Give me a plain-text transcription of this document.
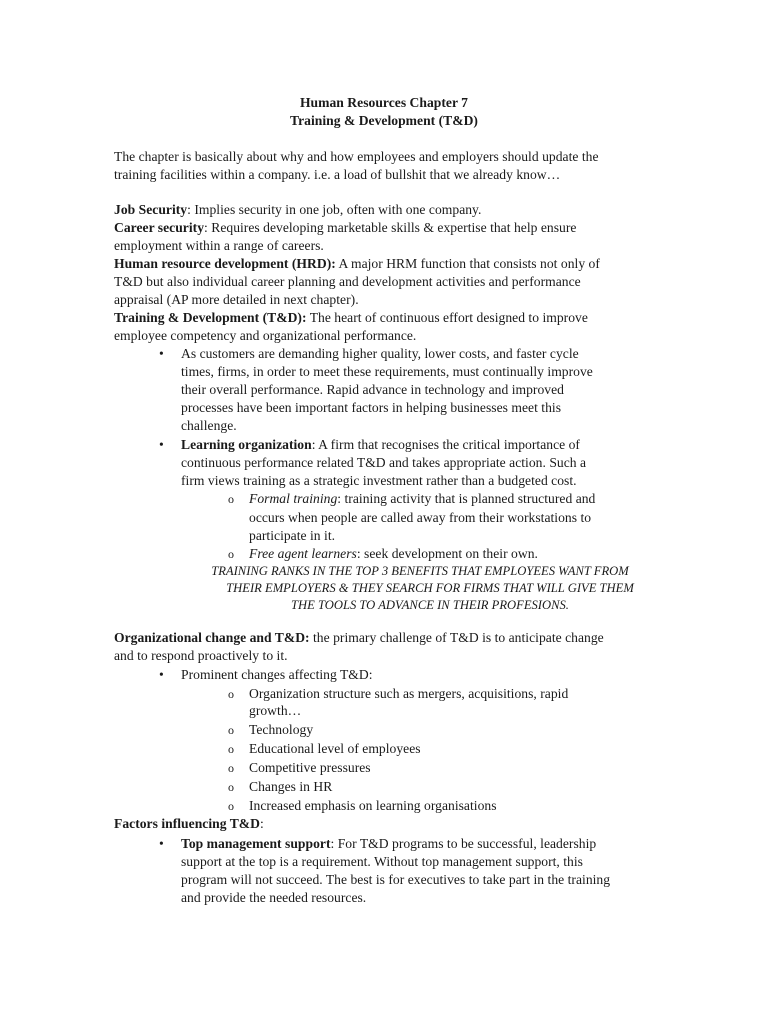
Human Resources Chapter 7
Training & Development (T&D)
The chapter is basically about why and how employees and employers should update the
training facilities within a company. i.e. a load of bullshit that we already know…
Job Security: Implies security in one job, often with one company.
Career security: Requires developing marketable skills & expertise that help ensure
employment within a range of careers.
Human resource development (HRD): A major HRM function that consists not only of
T&D but also individual career planning and development activities and performance
appraisal (AP more detailed in next chapter).
Training & Development (T&D): The heart of continuous effort designed to improve
employee competency and organizational performance.
• As customers are demanding higher quality, lower costs, and faster cycle
times, firms, in order to meet these requirements, must continually improve
their overall performance. Rapid advance in technology and improved
processes have been important factors in helping businesses meet this
challenge.
• Learning organization: A firm that recognises the critical importance of
continuous performance related T&D and takes appropriate action. Such a
firm views training as a strategic investment rather than a budgeted cost.
o Formal training: training activity that is planned structured and
occurs when people are called away from their workstations to
participate in it.
o Free agent learners: seek development on their own.
TRAINING RANKS IN THE TOP 3 BENEFITS THAT EMPLOYEES WANT FROM
THEIR EMPLOYERS & THEY SEARCH FOR FIRMS THAT WILL GIVE THEM
THE TOOLS TO ADVANCE IN THEIR PROFESIONS.
Organizational change and T&D: the primary challenge of T&D is to anticipate change
and to respond proactively to it.
• Prominent changes affecting T&D:
o Organization structure such as mergers, acquisitions, rapid
growth…
o Technology
o Educational level of employees
o Competitive pressures
o Changes in HR
o Increased emphasis on learning organisations
Factors influencing T&D:
• Top management support: For T&D programs to be successful, leadership
support at the top is a requirement. Without top management support, this
program will not succeed. The best is for executives to take part in the training
and provide the needed resources.
